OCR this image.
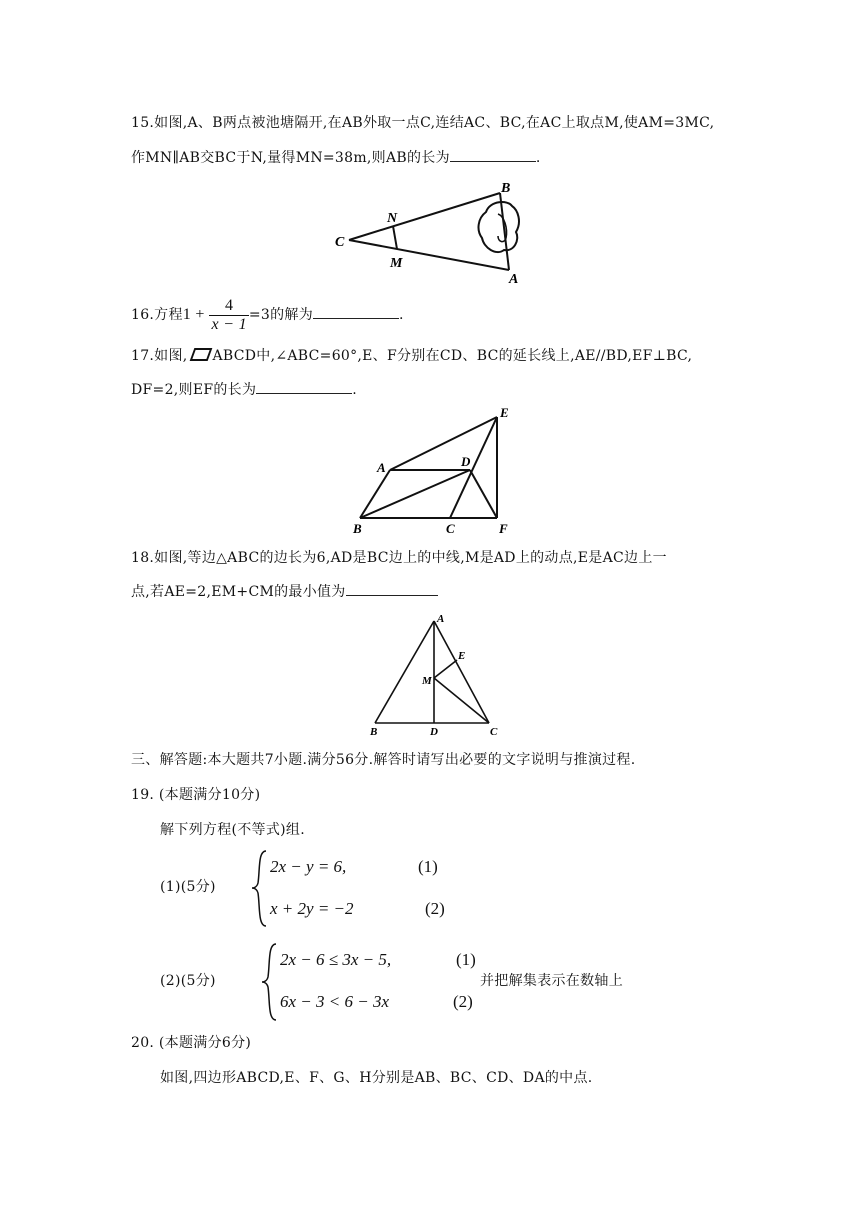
15.如图,A、B两点被池塘隔开,在AB外取一点C,连结AC、BC,在AC上取点M,使AM=3MC,
作MN∥AB交BC于N,量得MN=38m,则AB的长为	.
C
N
M
B
A
16.方程$1 + \frac{4}{x - 1} =3$的解为	.
17.如图, ABCD中,∠ABC=60°,E、F分别在CD、BC的延长线上,AE//BD,EF⊥BC,
DF=2,则EF的长为	.
A	D
E
B	C	F
18.如图,等边△ABC的边长为6,AD是BC边上的中线,M是AD上的动点,E是AC边上一
点,若AE=2,EM+CM的最小值为
A
E
M
B	D	C
三、解答题:本大题共7小题.满分56分.解答时请写出必要的文字说明与推演过程.
19. (本题满分10分)
解下列方程(不等式)组.
(1)(5分)
2x − y = 6,	(1)
x + 2y = −2	(2)
(2)(5分)
2x − 6 ≤ 3x − 5,	(1)
6x − 3 < 6 − 3x	(2)
并把解集表示在数轴上
20. (本题满分6分)
如图,四边形ABCD,E、F、G、H分别是AB、BC、CD、DA的中点.
